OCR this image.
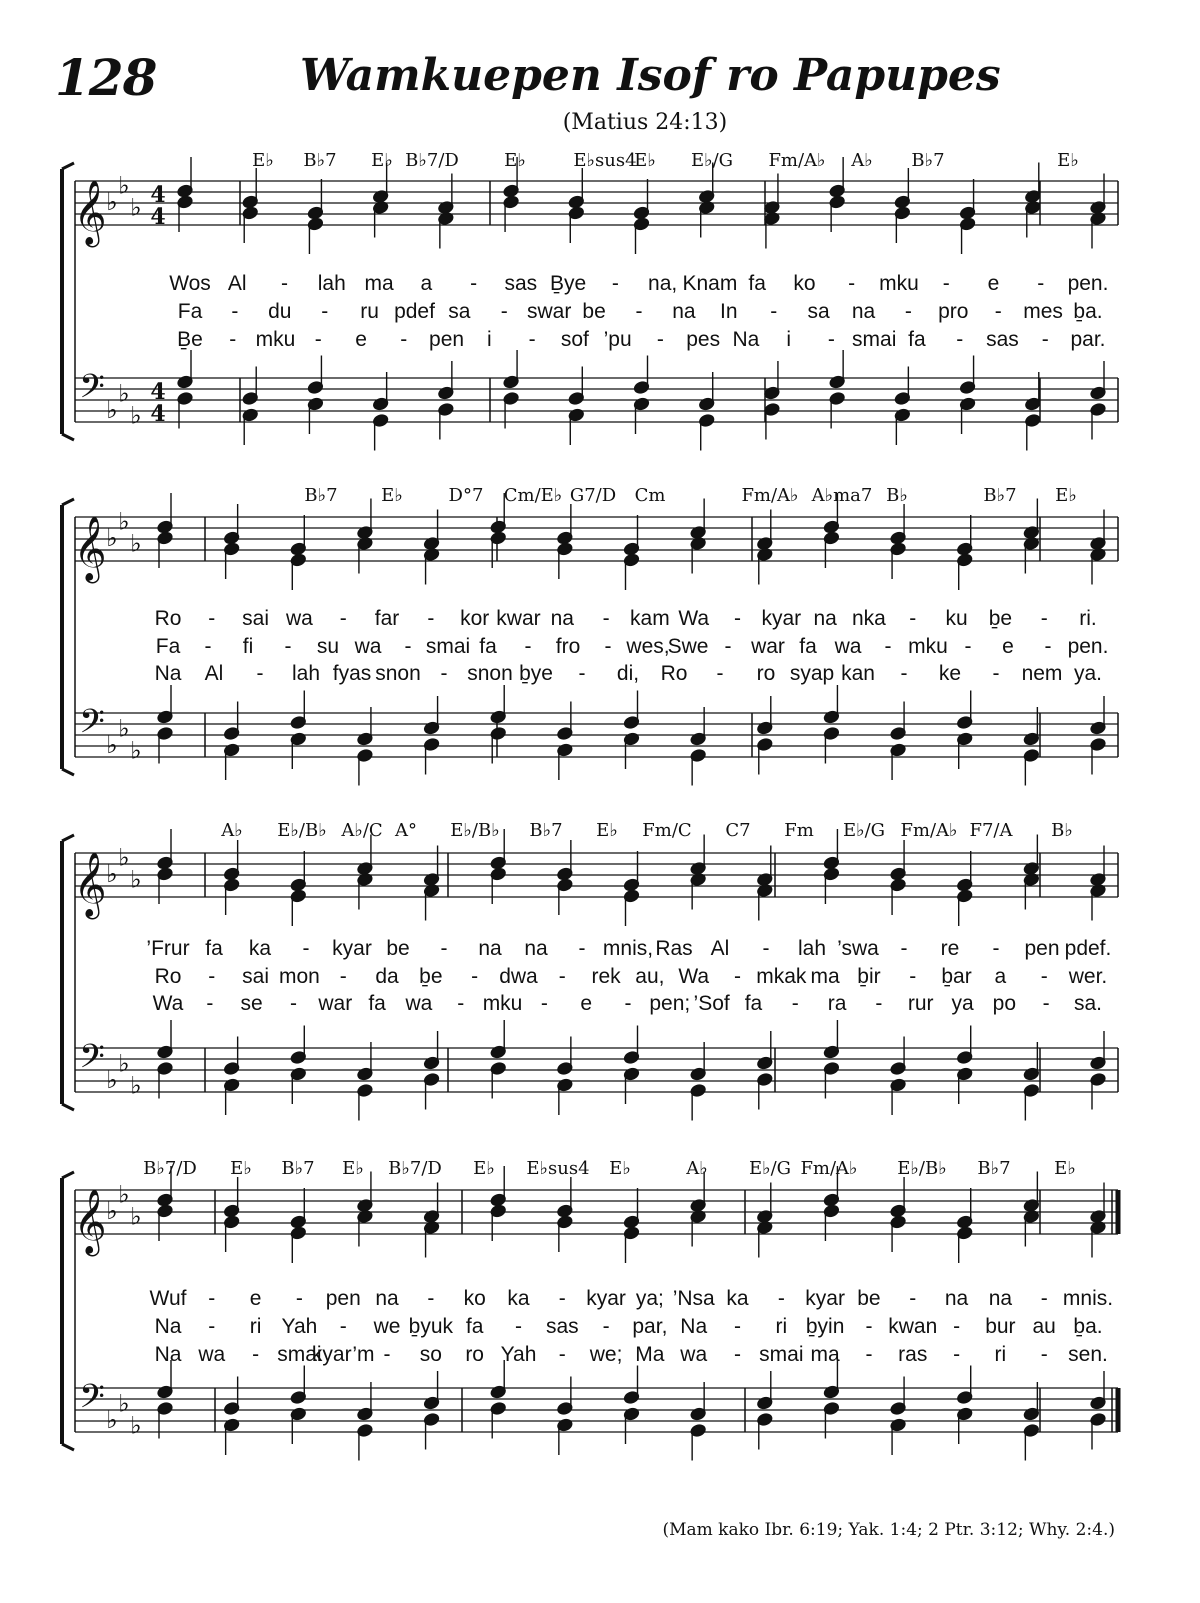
128	Wamkuepen Isof ro Papupes
(Matius 24:13)
𝄞
𝄢
♭
♭
♭
♭
♭
♭
4
4
4
4
𝄞
𝄢
♭
♭
♭
♭
♭
♭
𝄞
𝄢
♭
♭
♭
♭
♭
♭
𝄞
𝄢
♭
♭
♭
♭
♭
♭
E♭ B♭7 E♭ B♭7/D	E♭	E♭sus4
E♭ E♭/G Fm/A♭ A♭ B♭7	E♭
Wos Al - lah ma a - sas Ḇye - na, Knam fa ko - mku - e - pen.
Fa - du - ru pdef sa - swar be - na In - sa na - pro - mes ḇa.
Ḇe - mku - e - pen i - sof ’pu - pes Na i - smai fa - sas - par.
B♭7 E♭	D°7 Cm/E♭ G7/D Cm	Fm/A♭ A♭ma7 B♭	B♭7 E♭
Ro - sai wa - far - kor kwar na - kam Wa - kyar na nka - ku ḇe - ri.
Fa - fi - su wa - smai fa - fro - wes,
Swe - war fa wa - mku - e - pen.
Na Al - lah fyas snon - snon ḇye - di, Ro - ro syap kan - ke - nem ya.
A♭ E♭/B♭ A♭/C A° E♭/B♭ B♭7 E♭ Fm/C C7 Fm E♭/G Fm/A♭ F7/A B♭
’Frur fa ka - kyar be - na na - mnis, Ras Al - lah ’swa - re - pen pdef.
Ro - sai mon - da ḇe - dwa - rek au, Wa - mkak ma ḇir - ḇar a - wer.
Wa - se - war fa wa - mku - e - pen; ’Sof fa - ra - rur ya po - sa.
B♭7/D E♭ B♭7 E♭ B♭7/D E♭ E♭sus4 E♭	A♭ E♭/G Fm/A♭ E♭/B♭ B♭7 E♭
Wuf - e - pen na - ko ka - kyar ya; ’Nsa ka - kyar be - na na - mnis.
Na - ri Yah - we ḇyuk fa - sas - par, Na - ri ḇyin - kwan - bur au ḇa.
Na wa - smai
kyar’m - so ro Yah - we; Ma wa - smai ma - ras - ri - sen.
(Mam kako Ibr. 6:19; Yak. 1:4; 2 Ptr. 3:12; Why. 2:4.)
